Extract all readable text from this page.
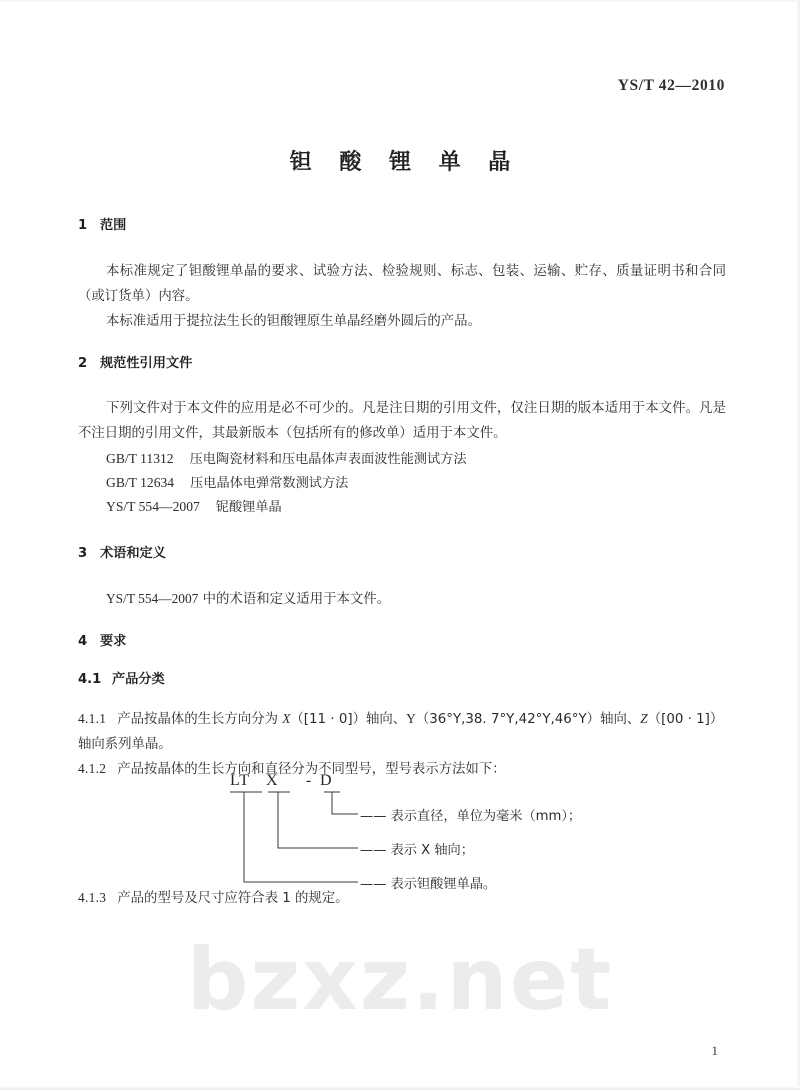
bzxz.net
YS/T 42—2010
钽 酸 锂 单 晶
1 范围
本标准规定了钽酸锂单晶的要求、试验方法、检验规则、标志、包装、运输、贮存、质量证明书和合同（或订货单）内容。
本标准适用于提拉法生长的钽酸锂原生单晶经磨外圆后的产品。
2 规范性引用文件
下列文件对于本文件的应用是必不可少的。凡是注日期的引用文件，仅注日期的版本适用于本文件。凡是不注日期的引用文件，其最新版本（包括所有的修改单）适用于本文件。
GB/T 11312 压电陶瓷材料和压电晶体声表面波性能测试方法
GB/T 12634 压电晶体电弹常数测试方法
YS/T 554—2007 铌酸锂单晶
3 术语和定义
YS/T 554—2007 中的术语和定义适用于本文件。
4 要求
4.1 产品分类
4.1.1 产品按晶体的生长方向分为 X（[11 · 0]）轴向、Y（36°Y,38. 7°Y,42°Y,46°Y）轴向、Z（[00 · 1]）轴向系列单晶。
4.1.2 产品按晶体的生长方向和直径分为不同型号，型号表示方法如下：
LT X - D
—— 表示直径，单位为毫米（mm）；
—— 表示 X 轴向；
—— 表示钽酸锂单晶。
4.1.3 产品的型号及尺寸应符合表 1 的规定。
1
